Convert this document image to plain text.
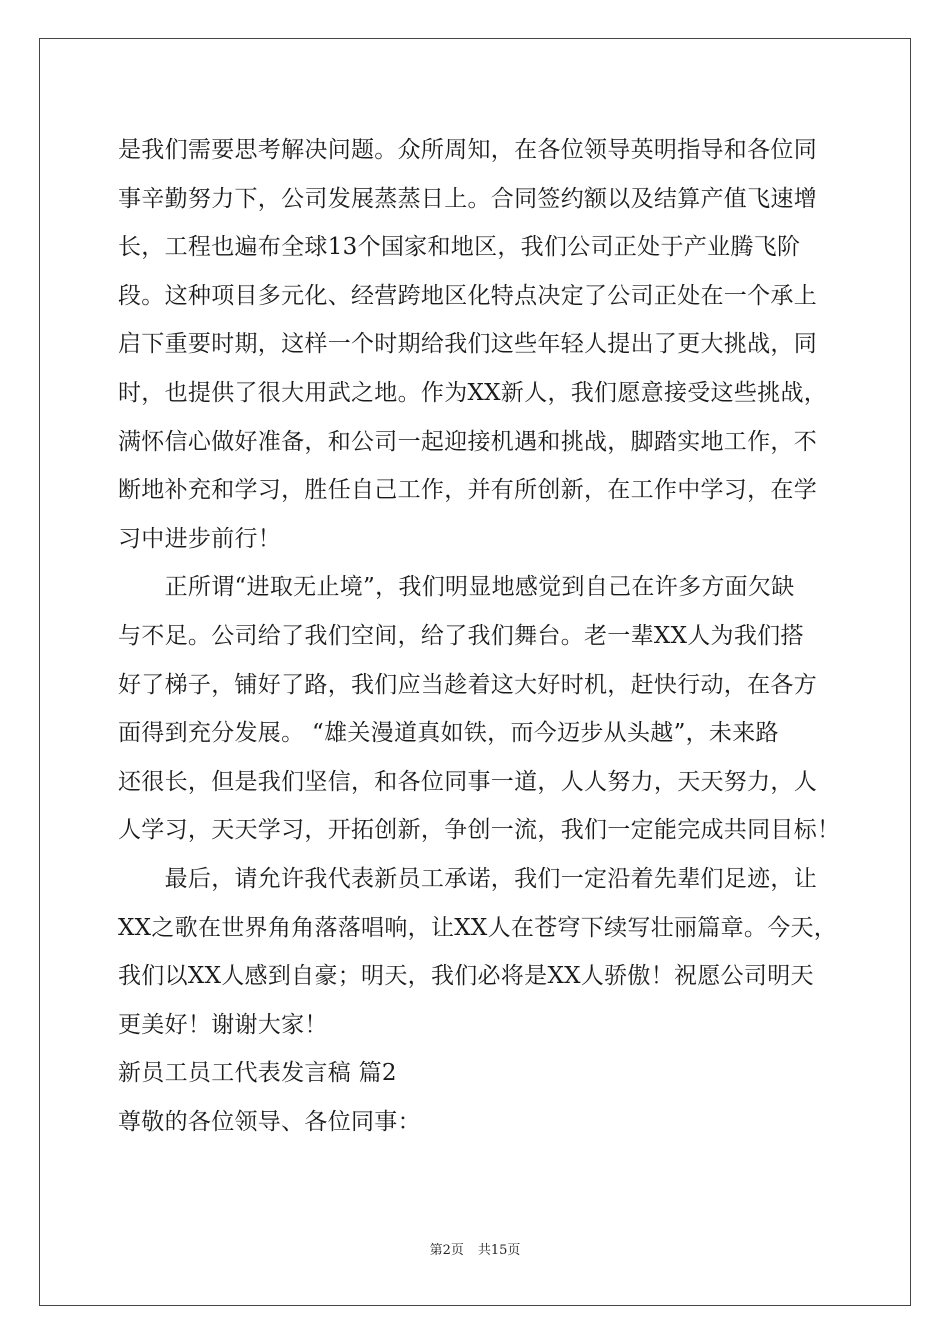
是我们需要思考解决问题。众所周知，在各位领导英明指导和各位同
事辛勤努力下，公司发展蒸蒸日上。合同签约额以及结算产值飞速增
长，工程也遍布全球13个国家和地区，我们公司正处于产业腾飞阶
段。这种项目多元化、经营跨地区化特点决定了公司正处在一个承上
启下重要时期，这样一个时期给我们这些年轻人提出了更大挑战，同
时，也提供了很大用武之地。作为XX新人，我们愿意接受这些挑战，
满怀信心做好准备，和公司一起迎接机遇和挑战，脚踏实地工作，不
断地补充和学习，胜任自己工作，并有所创新，在工作中学习，在学
习中进步前行！
　　正所谓“进取无止境”，我们明显地感觉到自己在许多方面欠缺
与不足。公司给了我们空间，给了我们舞台。老一辈XX人为我们搭
好了梯子，铺好了路，我们应当趁着这大好时机，赶快行动，在各方
面得到充分发展。 “雄关漫道真如铁，而今迈步从头越”，未来路
还很长，但是我们坚信，和各位同事一道，人人努力，天天努力，人
人学习，天天学习，开拓创新，争创一流，我们一定能完成共同目标！
　　最后，请允许我代表新员工承诺，我们一定沿着先辈们足迹，让
XX之歌在世界角角落落唱响，让XX人在苍穹下续写壮丽篇章。今天，
我们以XX人感到自豪；明天，我们必将是XX人骄傲！祝愿公司明天
更美好！谢谢大家！
新员工员工代表发言稿 篇2
尊敬的各位领导、各位同事：
第2页 共15页
